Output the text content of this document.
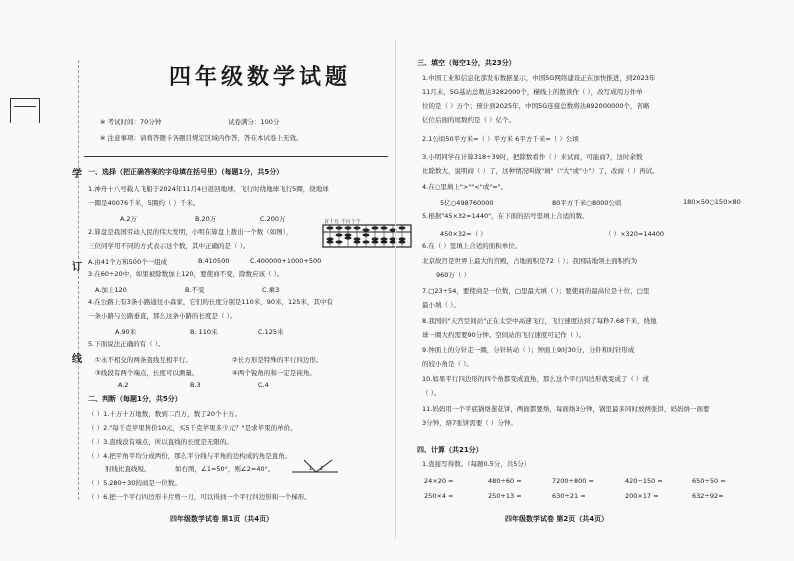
学
订
线
四年级数学试题
※ 考试时间：70分钟	试卷满分：100分
※ 注意事项：请将答题卡各题目规定区域内作答，答在本试卷上无效。
一、选择（把正确答案的字母填在括号里）（每题1分，共5分）
1.神舟十八号载人飞船于2024年11月4日返回地球，飞行时绕地球飞行5圈，绕地球
一圈是40076千米，5圈约（ ）千米。
A.2万	B.20万	C.200万
2.算盘是我国劳动人民的伟大发明，小明在算盘上拨出一个数（如图），
三位同学用不同的方式表示这个数，其中正确的是（ ）。
A.由41个万和500个一组成	B.410500	C.400000+1000+500
百十万 千百十个
3.在60÷20中，如果被除数加上120，要使商不变，除数应该（ ）。
A.加上120	B.不变	C.乘3
4.在公路上有3条小路通往小森家，它们的长度分别是110米，90米，125米，其中有
一条小路与公路垂直，那么这条小路的长度是（ ）。
A.90米	B. 110米	C.125米
5.下面说法正确的有（ ）。
①永不相交的两条直线互相平行。	②长方形是特殊的平行四边形。
③线段有两个端点，长度可以测量。	④两个锐角的和一定是钝角。
A.2	B.3	C.4
二、判断（每题1分，共5分）
（ ）1.十万十万地数，数到二百万，数了20个十万。
（ ）2."每千克苹果售价10元，买5千克苹果多少元？"是求苹果的单价。
（ ）3.直线没有端点，所以直线的长度是无限的。
（ ）4.把平角平均分成两份，那么平分线与平角的边构成的角是直角。
射线比直线短。	如右图，∠1=50°，则∠2=40°。	1 2
（ ）5.280÷30的商是一位数。
（ ）6.把一个平行四边形卡片剪一刀，可以得到一个平行四边形和一个梯形。
四年级数学试卷 第1页（共4页）
三、填空（每空1分，共23分）
1.中国工业和信息化部发布数据显示，中国5G网络建设正在加快推进，到2023年
11月末，5G基站总数达3282000个，横线上的数读作（ ），改写成用万作单
位的是（ ）万个；预计到2025年，中国5G连接总数将达892000000个，省略
亿位后面的尾数约是（ ）亿个。
2.1公顷50平方米=（ ）平方米 6平方千米=（ ）公顷
3.小明同学在计算318÷39时，把除数看作（ ）来试商，可能商7，这时余数
比除数大，说明商（ ）了，这种情况叫做"填"（"大"或"小"）了，改商（ ）再试。
4.在○里填上">""<"或"="。
5亿○498760000	80平方千米○8000公顷	180×50○150×80
5.根据"45×32=1440"，在下面的括号里填上合适的数。
450×32=（ ）	（ ）×320=14400
6.在（ ）里填上合适的面积单位。
北京故宫是世界上最大的宫殿，占地面积是72（ ）；我国陆地领土面积约为
960万（ ）
7.□23÷54，要使商是一位数，□里最大填（ ）；要使商的最高位是十位，□里
最小填（ ）。
8.我国的"天宫空间站"正在太空中高速飞行，飞行速度达到了每秒7.68千米，绕地
球一圈大约需要90分钟。空间站的飞行速度可记作（ ）。
9.钟面上的分针走一圈，分针转动（ ）；钟面上9时30分，分针和时针形成
的较小角是（ ）。
10.如果平行四边形的四个角都变成直角，那么这个平行四边形就变成了（ ）或
（ ）。
11.妈妈用一个平底锅烙葱花饼，两面都要烙，每面烙3分钟，锅里最多同时放两张饼，妈妈烙一面要
3分钟，烙7张饼需要（ ）分钟。
四、计算（共21分）
1.直接写得数。（每题0.5分，共5分）
24×20 =	480÷60 =	7200÷800 =	420−150 =	650÷50 =
250×4 =	250+13 =	630÷21 =	200×17 =	632÷92≈
四年级数学试卷 第2页（共4页）
